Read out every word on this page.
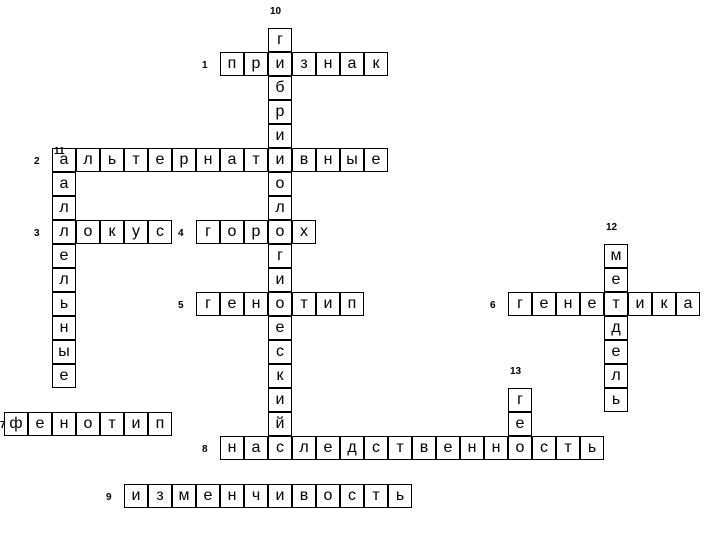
п р и з н а	к
а л ь	т е р н а т и в н ы е
л о	к	у	с	г	о р о х
г	е н о т и п	г	е н е т и	к	а
ф е н о т и п
н а с л е д с	т	в е н н о с	т	ь
и з м е н ч и в о с	т	ь
г
б
р
и
о
л
г
и
е
с
к
и
й
а
л
е
л
ь
н
ы
е
м
е
д
е
л
ь
г
е
1
2
3	4
5	6
7
8
9
10
11
12
13
